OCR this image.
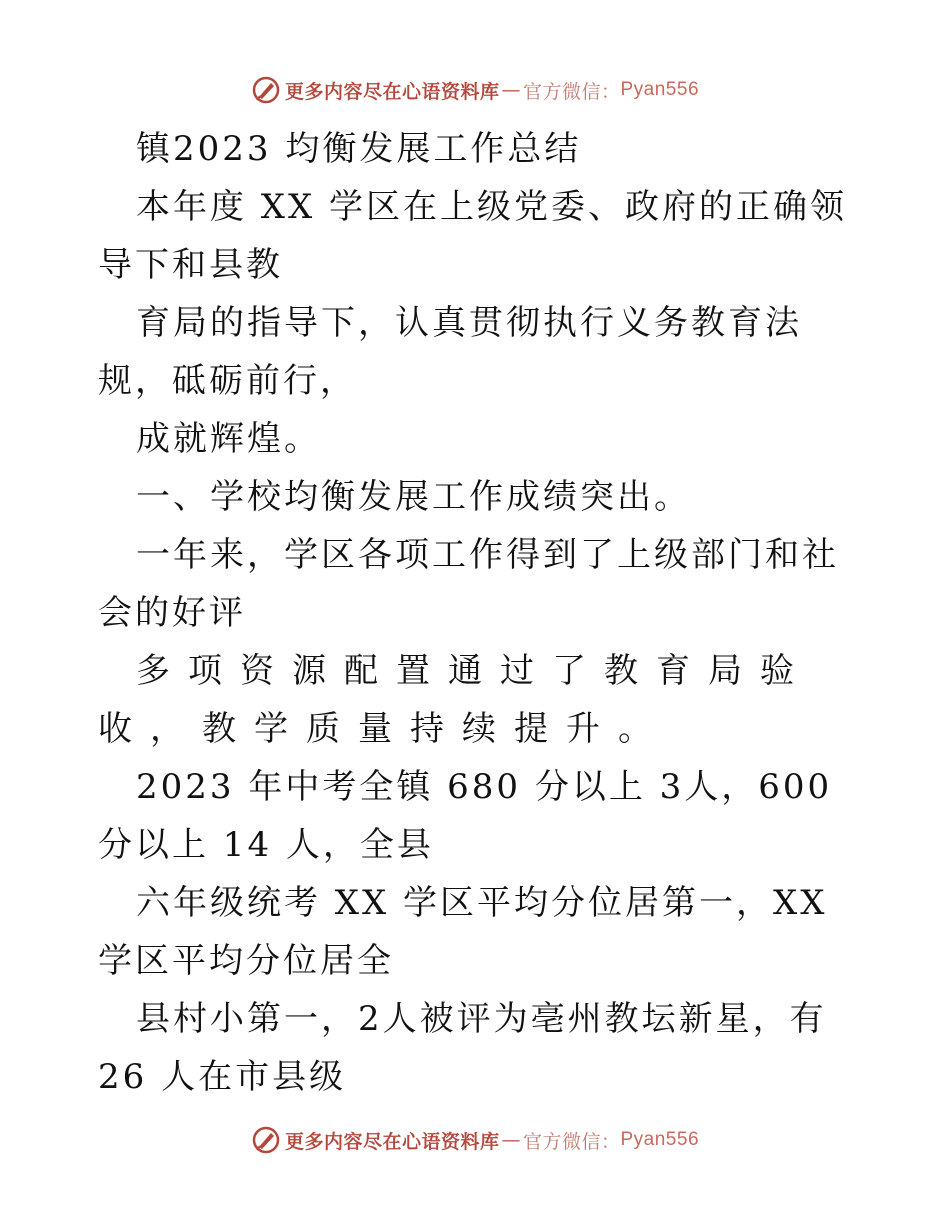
更多内容尽在心语资料库 — 官方微信： Pyan556

镇2023 均衡发展工作总结

本年度 XX 学区在上级党委、政府的正确领导下和县教

育局的指导下，认真贯彻执行义务教育法规，砥砺前行，

成就辉煌。

一、学校均衡发展工作成绩突出。

一年来，学区各项工作得到了上级部门和社会的好评

多项资源配置通过了教育局验收，教学质量持续提升。

2023 年中考全镇 680 分以上 3人，600 分以上 14 人，全县

六年级统考 XX 学区平均分位居第一，XX 学区平均分位居全

县村小第一，2人被评为亳州教坛新星，有 26 人在市县级

更多内容尽在心语资料库 — 官方微信： Pyan556
